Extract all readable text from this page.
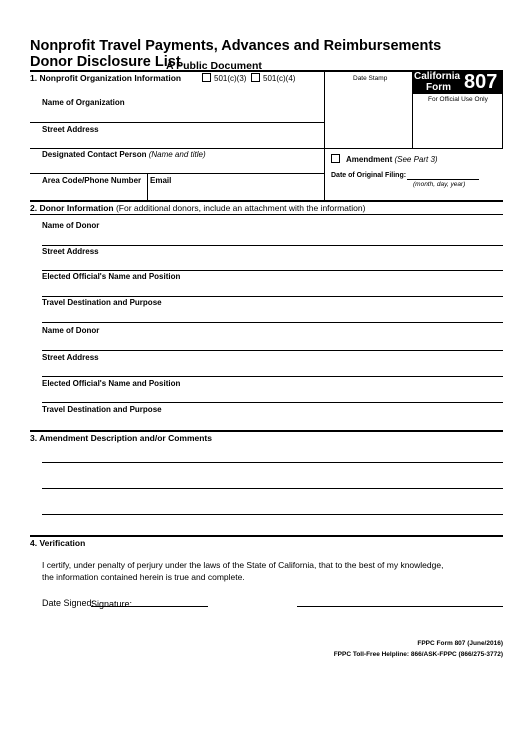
Nonprofit Travel Payments, Advances and Reimbursements
Donor Disclosure List
A Public Document
1. Nonprofit Organization Information	501(c)(3)	501(c)(4)
Name of Organization
Street Address
Designated Contact Person (Name and title)
Area Code/Phone Number Email
Date Stamp	California
Form 807
For Official Use Only
Amendment (See Part 3)
Date of Original Filing:
(month, day, year)
2. Donor Information (For additional donors, include an attachment with the information)
Name of Donor
Street Address
Elected Official's Name and Position
Travel Destination and Purpose
Name of Donor
Street Address
Elected Official's Name and Position
Travel Destination and Purpose
3. Amendment Description and/or Comments
4. Verification
I certify, under penalty of perjury under the laws of the State of California, that to the best of my knowledge,
the information contained herein is true and complete.
Date Signed:
Signature:
FPPC Form 807 (June/2016)
FPPC Toll-Free Helpline: 866/ASK-FPPC (866/275-3772)
